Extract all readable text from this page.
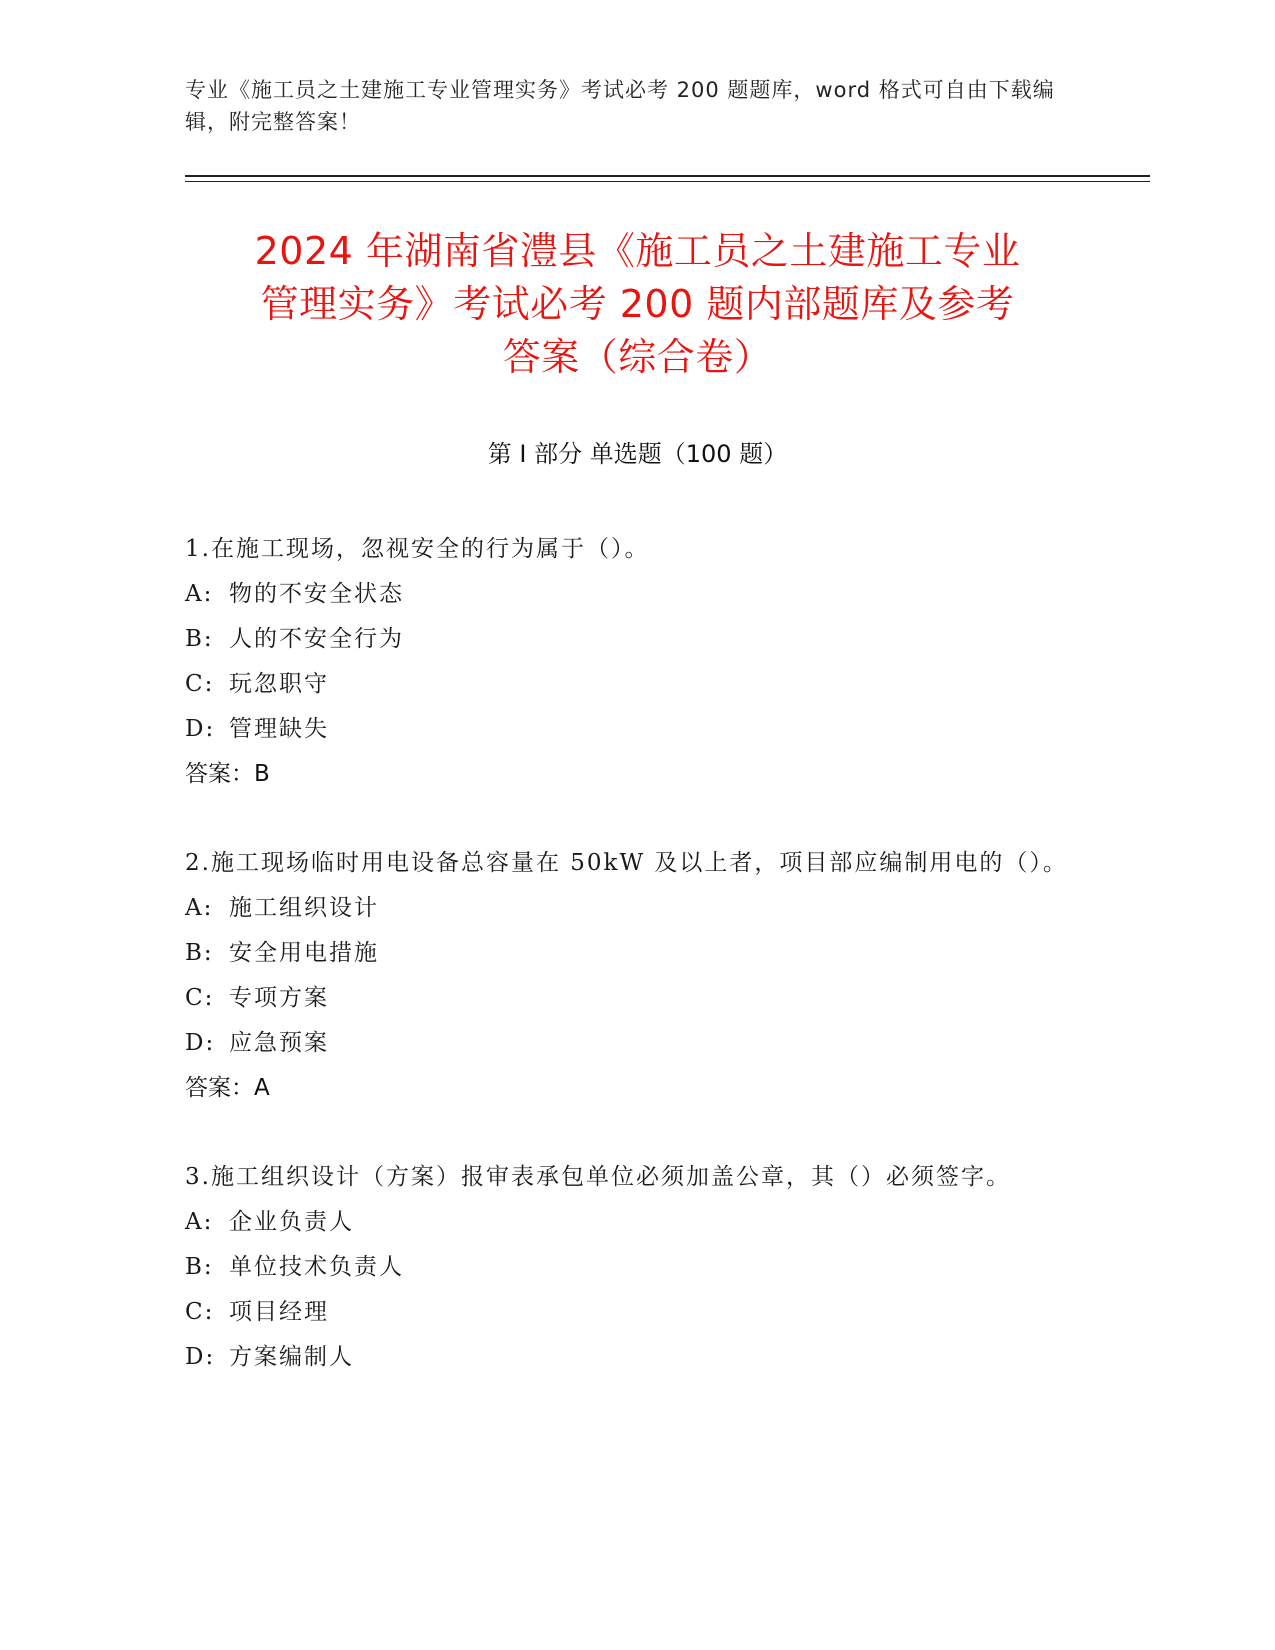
专业《施工员之土建施工专业管理实务》考试必考 200 题题库，word 格式可自由下载编辑，附完整答案！
2024 年湖南省澧县《施工员之土建施工专业
管理实务》考试必考 200 题内部题库及参考
答案（综合卷）
第 I 部分 单选题（100 题）
1.在施工现场，忽视安全的行为属于（）。
A: 物的不安全状态
B: 人的不安全行为
C: 玩忽职守
D: 管理缺失
答案：B
2.施工现场临时用电设备总容量在 50kW 及以上者，项目部应编制用电的（）。
A: 施工组织设计
B: 安全用电措施
C: 专项方案
D: 应急预案
答案：A
3.施工组织设计（方案）报审表承包单位必须加盖公章，其（）必须签字。
A: 企业负责人
B: 单位技术负责人
C: 项目经理
D: 方案编制人
